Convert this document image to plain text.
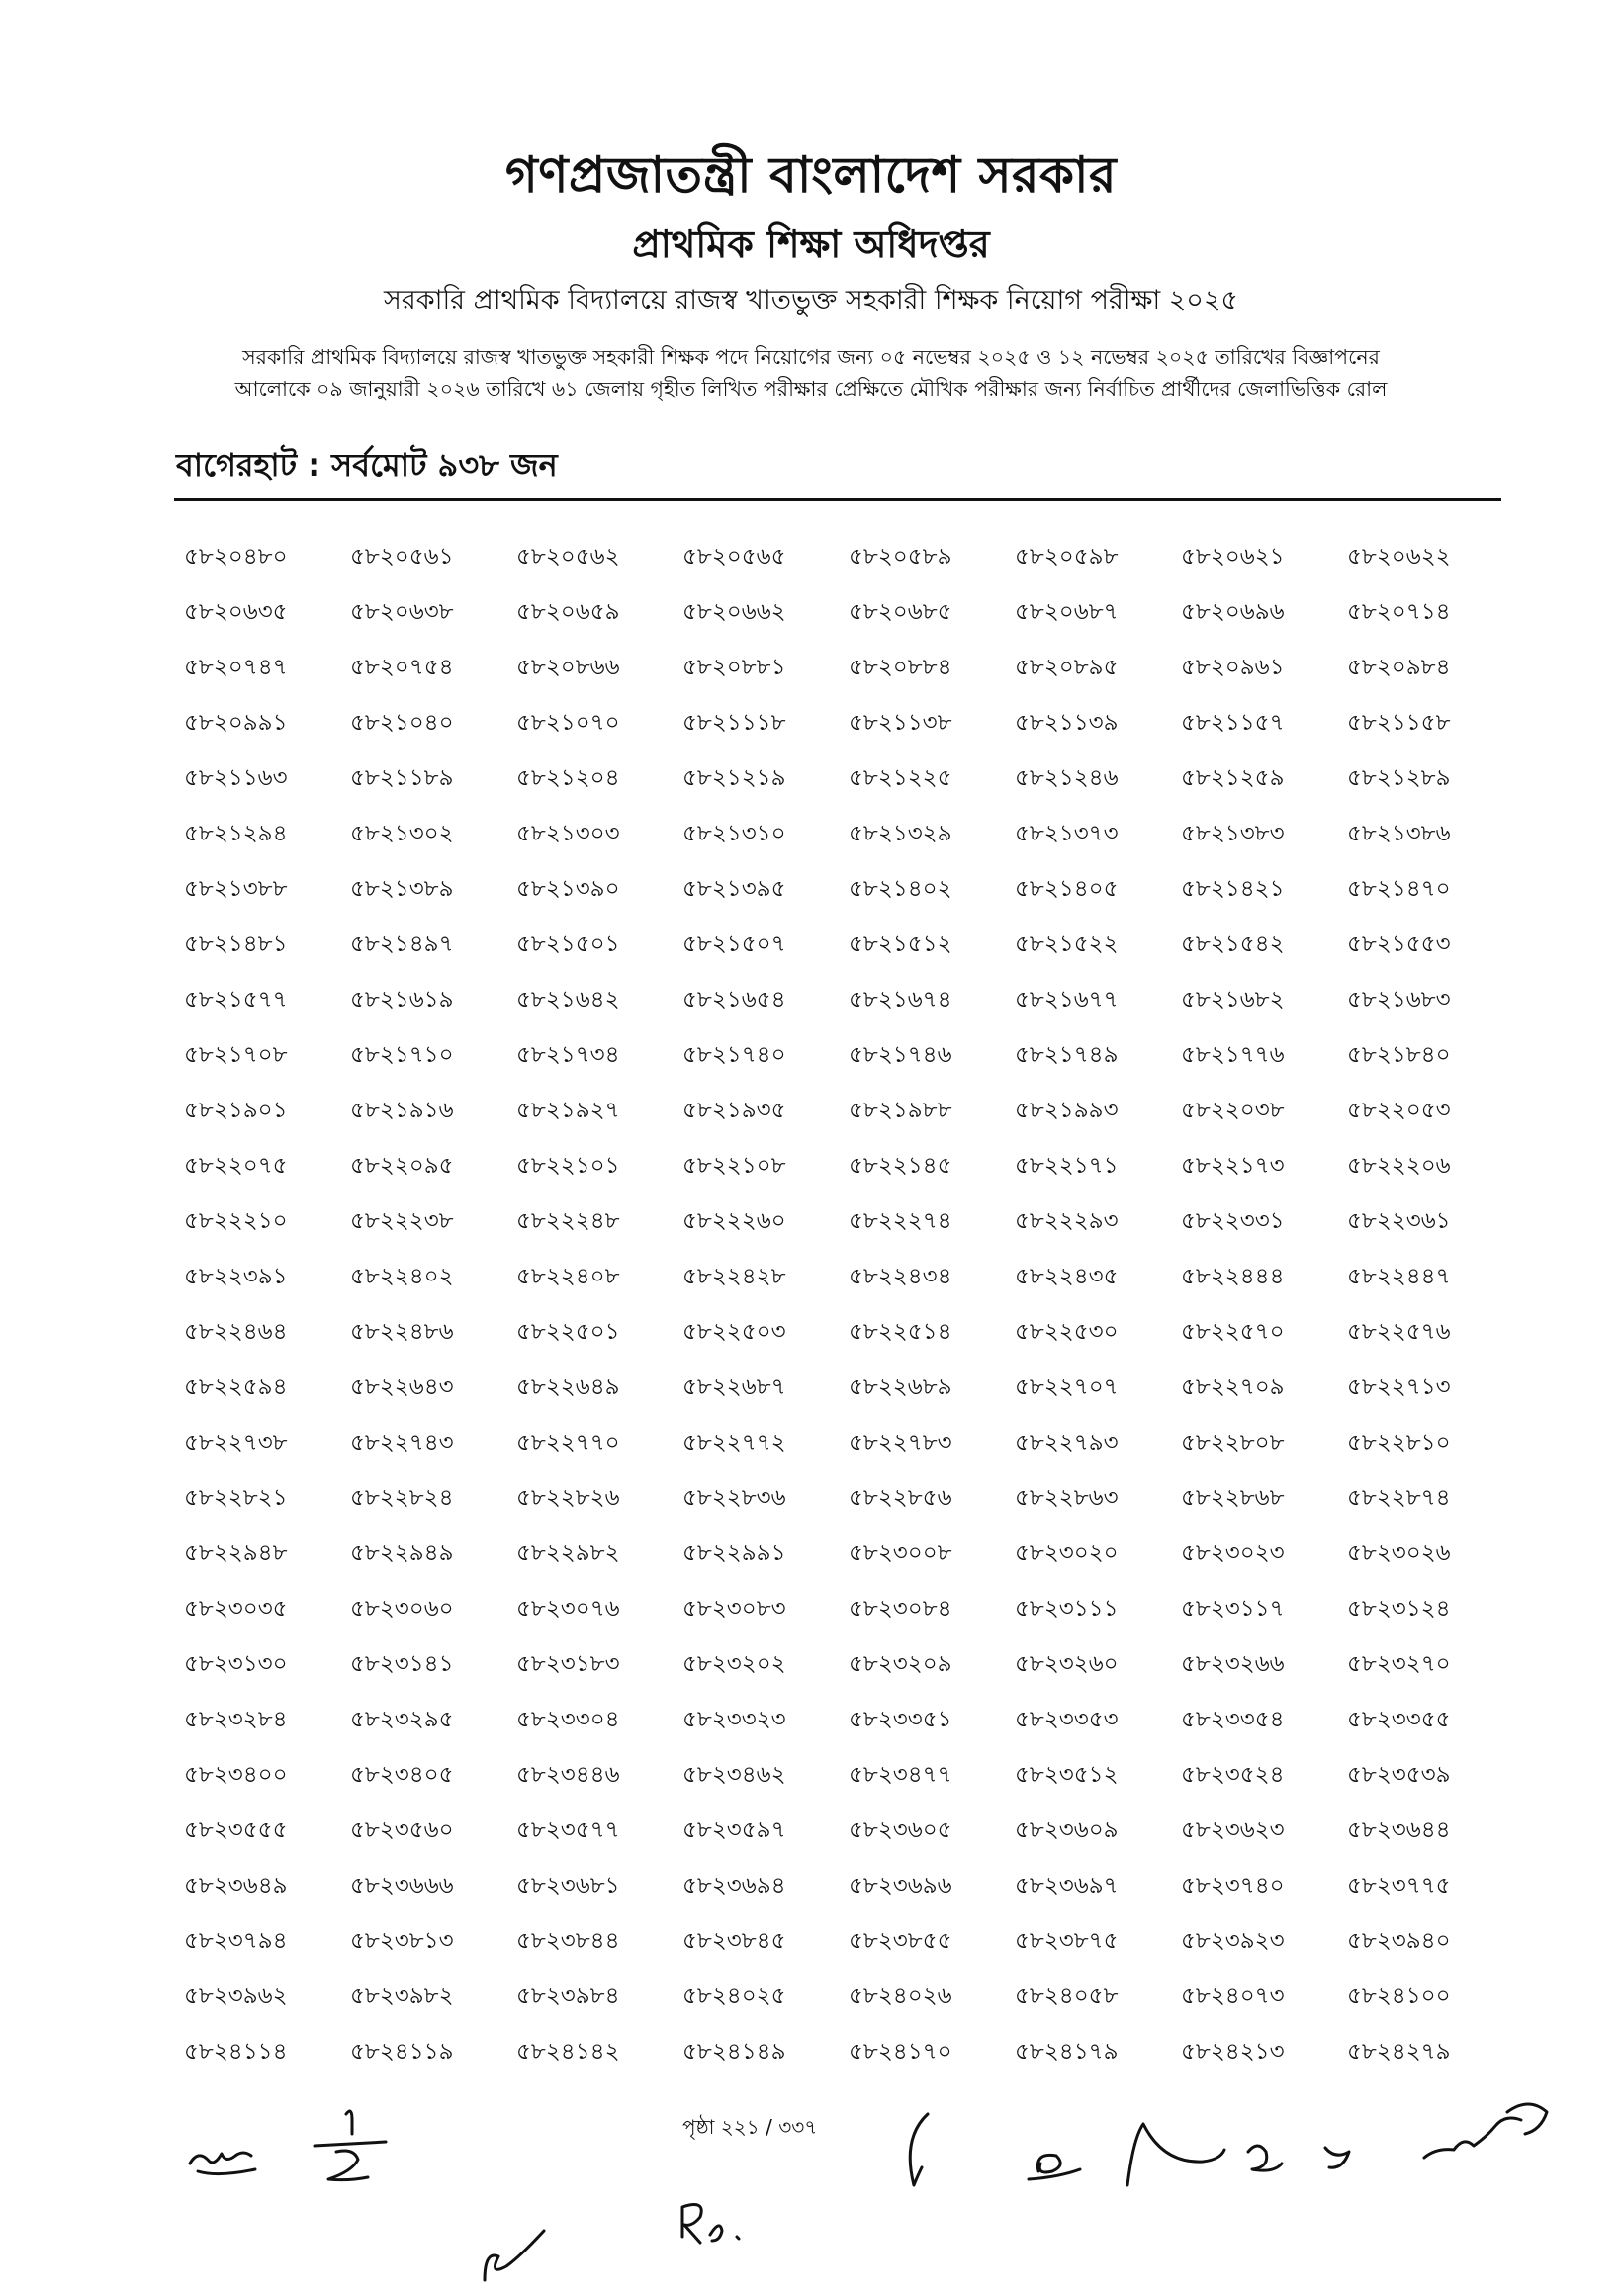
গণপ্রজাতন্ত্রী বাংলাদেশ সরকার
প্রাথমিক শিক্ষা অধিদপ্তর
সরকারি প্রাথমিক বিদ্যালয়ে রাজস্ব খাতভুক্ত সহকারী শিক্ষক নিয়োগ পরীক্ষা ২০২৫
সরকারি প্রাথমিক বিদ্যালয়ে রাজস্ব খাতভুক্ত সহকারী শিক্ষক পদে নিয়োগের জন্য ০৫ নভেম্বর ২০২৫ ও ১২ নভেম্বর ২০২৫ তারিখের বিজ্ঞাপনের
আলোকে ০৯ জানুয়ারী ২০২৬ তারিখে ৬১ জেলায় গৃহীত লিখিত পরীক্ষার প্রেক্ষিতে মৌখিক পরীক্ষার জন্য নির্বাচিত প্রার্থীদের জেলাভিত্তিক রোল
বাগেরহাট : সর্বমোট ৯৩৮ জন
৫৮২০৪৮০	৫৮২০৫৬১	৫৮২০৫৬২	৫৮২০৫৬৫	৫৮২০৫৮৯	৫৮২০৫৯৮	৫৮২০৬২১	৫৮২০৬২২
৫৮২০৬৩৫	৫৮২০৬৩৮	৫৮২০৬৫৯	৫৮২০৬৬২	৫৮২০৬৮৫	৫৮২০৬৮৭	৫৮২০৬৯৬	৫৮২০৭১৪
৫৮২০৭৪৭	৫৮২০৭৫৪	৫৮২০৮৬৬	৫৮২০৮৮১	৫৮২০৮৮৪	৫৮২০৮৯৫	৫৮২০৯৬১	৫৮২০৯৮৪
৫৮২০৯৯১	৫৮২১০৪০	৫৮২১০৭০	৫৮২১১১৮	৫৮২১১৩৮	৫৮২১১৩৯	৫৮২১১৫৭	৫৮২১১৫৮
৫৮২১১৬৩	৫৮২১১৮৯	৫৮২১২০৪	৫৮২১২১৯	৫৮২১২২৫	৫৮২১২৪৬	৫৮২১২৫৯	৫৮২১২৮৯
৫৮২১২৯৪	৫৮২১৩০২	৫৮২১৩০৩	৫৮২১৩১০	৫৮২১৩২৯	৫৮২১৩৭৩	৫৮২১৩৮৩	৫৮২১৩৮৬
৫৮২১৩৮৮	৫৮২১৩৮৯	৫৮২১৩৯০	৫৮২১৩৯৫	৫৮২১৪০২	৫৮২১৪০৫	৫৮২১৪২১	৫৮২১৪৭০
৫৮২১৪৮১	৫৮২১৪৯৭	৫৮২১৫০১	৫৮২১৫০৭	৫৮২১৫১২	৫৮২১৫২২	৫৮২১৫৪২	৫৮২১৫৫৩
৫৮২১৫৭৭	৫৮২১৬১৯	৫৮২১৬৪২	৫৮২১৬৫৪	৫৮২১৬৭৪	৫৮২১৬৭৭	৫৮২১৬৮২	৫৮২১৬৮৩
৫৮২১৭০৮	৫৮২১৭১০	৫৮২১৭৩৪	৫৮২১৭৪০	৫৮২১৭৪৬	৫৮২১৭৪৯	৫৮২১৭৭৬	৫৮২১৮৪০
৫৮২১৯০১	৫৮২১৯১৬	৫৮২১৯২৭	৫৮২১৯৩৫	৫৮২১৯৮৮	৫৮২১৯৯৩	৫৮২২০৩৮	৫৮২২০৫৩
৫৮২২০৭৫	৫৮২২০৯৫	৫৮২২১০১	৫৮২২১০৮	৫৮২২১৪৫	৫৮২২১৭১	৫৮২২১৭৩	৫৮২২২০৬
৫৮২২২১০	৫৮২২২৩৮	৫৮২২২৪৮	৫৮২২২৬০	৫৮২২২৭৪	৫৮২২২৯৩	৫৮২২৩৩১	৫৮২২৩৬১
৫৮২২৩৯১	৫৮২২৪০২	৫৮২২৪০৮	৫৮২২৪২৮	৫৮২২৪৩৪	৫৮২২৪৩৫	৫৮২২৪৪৪	৫৮২২৪৪৭
৫৮২২৪৬৪	৫৮২২৪৮৬	৫৮২২৫০১	৫৮২২৫০৩	৫৮২২৫১৪	৫৮২২৫৩০	৫৮২২৫৭০	৫৮২২৫৭৬
৫৮২২৫৯৪	৫৮২২৬৪৩	৫৮২২৬৪৯	৫৮২২৬৮৭	৫৮২২৬৮৯	৫৮২২৭০৭	৫৮২২৭০৯	৫৮২২৭১৩
৫৮২২৭৩৮	৫৮২২৭৪৩	৫৮২২৭৭০	৫৮২২৭৭২	৫৮২২৭৮৩	৫৮২২৭৯৩	৫৮২২৮০৮	৫৮২২৮১০
৫৮২২৮২১	৫৮২২৮২৪	৫৮২২৮২৬	৫৮২২৮৩৬	৫৮২২৮৫৬	৫৮২২৮৬৩	৫৮২২৮৬৮	৫৮২২৮৭৪
৫৮২২৯৪৮	৫৮২২৯৪৯	৫৮২২৯৮২	৫৮২২৯৯১	৫৮২৩০০৮	৫৮২৩০২০	৫৮২৩০২৩	৫৮২৩০২৬
৫৮২৩০৩৫	৫৮২৩০৬০	৫৮২৩০৭৬	৫৮২৩০৮৩	৫৮২৩০৮৪	৫৮২৩১১১	৫৮২৩১১৭	৫৮২৩১২৪
৫৮২৩১৩০	৫৮২৩১৪১	৫৮২৩১৮৩	৫৮২৩২০২	৫৮২৩২০৯	৫৮২৩২৬০	৫৮২৩২৬৬	৫৮২৩২৭০
৫৮২৩২৮৪	৫৮২৩২৯৫	৫৮২৩৩০৪	৫৮২৩৩২৩	৫৮২৩৩৫১	৫৮২৩৩৫৩	৫৮২৩৩৫৪	৫৮২৩৩৫৫
৫৮২৩৪০০	৫৮২৩৪০৫	৫৮২৩৪৪৬	৫৮২৩৪৬২	৫৮২৩৪৭৭	৫৮২৩৫১২	৫৮২৩৫২৪	৫৮২৩৫৩৯
৫৮২৩৫৫৫	৫৮২৩৫৬০	৫৮২৩৫৭৭	৫৮২৩৫৯৭	৫৮২৩৬০৫	৫৮২৩৬০৯	৫৮২৩৬২৩	৫৮২৩৬৪৪
৫৮২৩৬৪৯	৫৮২৩৬৬৬	৫৮২৩৬৮১	৫৮২৩৬৯৪	৫৮২৩৬৯৬	৫৮২৩৬৯৭	৫৮২৩৭৪০	৫৮২৩৭৭৫
৫৮২৩৭৯৪	৫৮২৩৮১৩	৫৮২৩৮৪৪	৫৮২৩৮৪৫	৫৮২৩৮৫৫	৫৮২৩৮৭৫	৫৮২৩৯২৩	৫৮২৩৯৪০
৫৮২৩৯৬২	৫৮২৩৯৮২	৫৮২৩৯৮৪	৫৮২৪০২৫	৫৮২৪০২৬	৫৮২৪০৫৮	৫৮২৪০৭৩	৫৮২৪১০০
৫৮২৪১১৪	৫৮২৪১১৯	৫৮২৪১৪২	৫৮২৪১৪৯	৫৮২৪১৭০	৫৮২৪১৭৯	৫৮২৪২১৩	৫৮২৪২৭৯
পৃষ্ঠা ২২১ / ৩৩৭
